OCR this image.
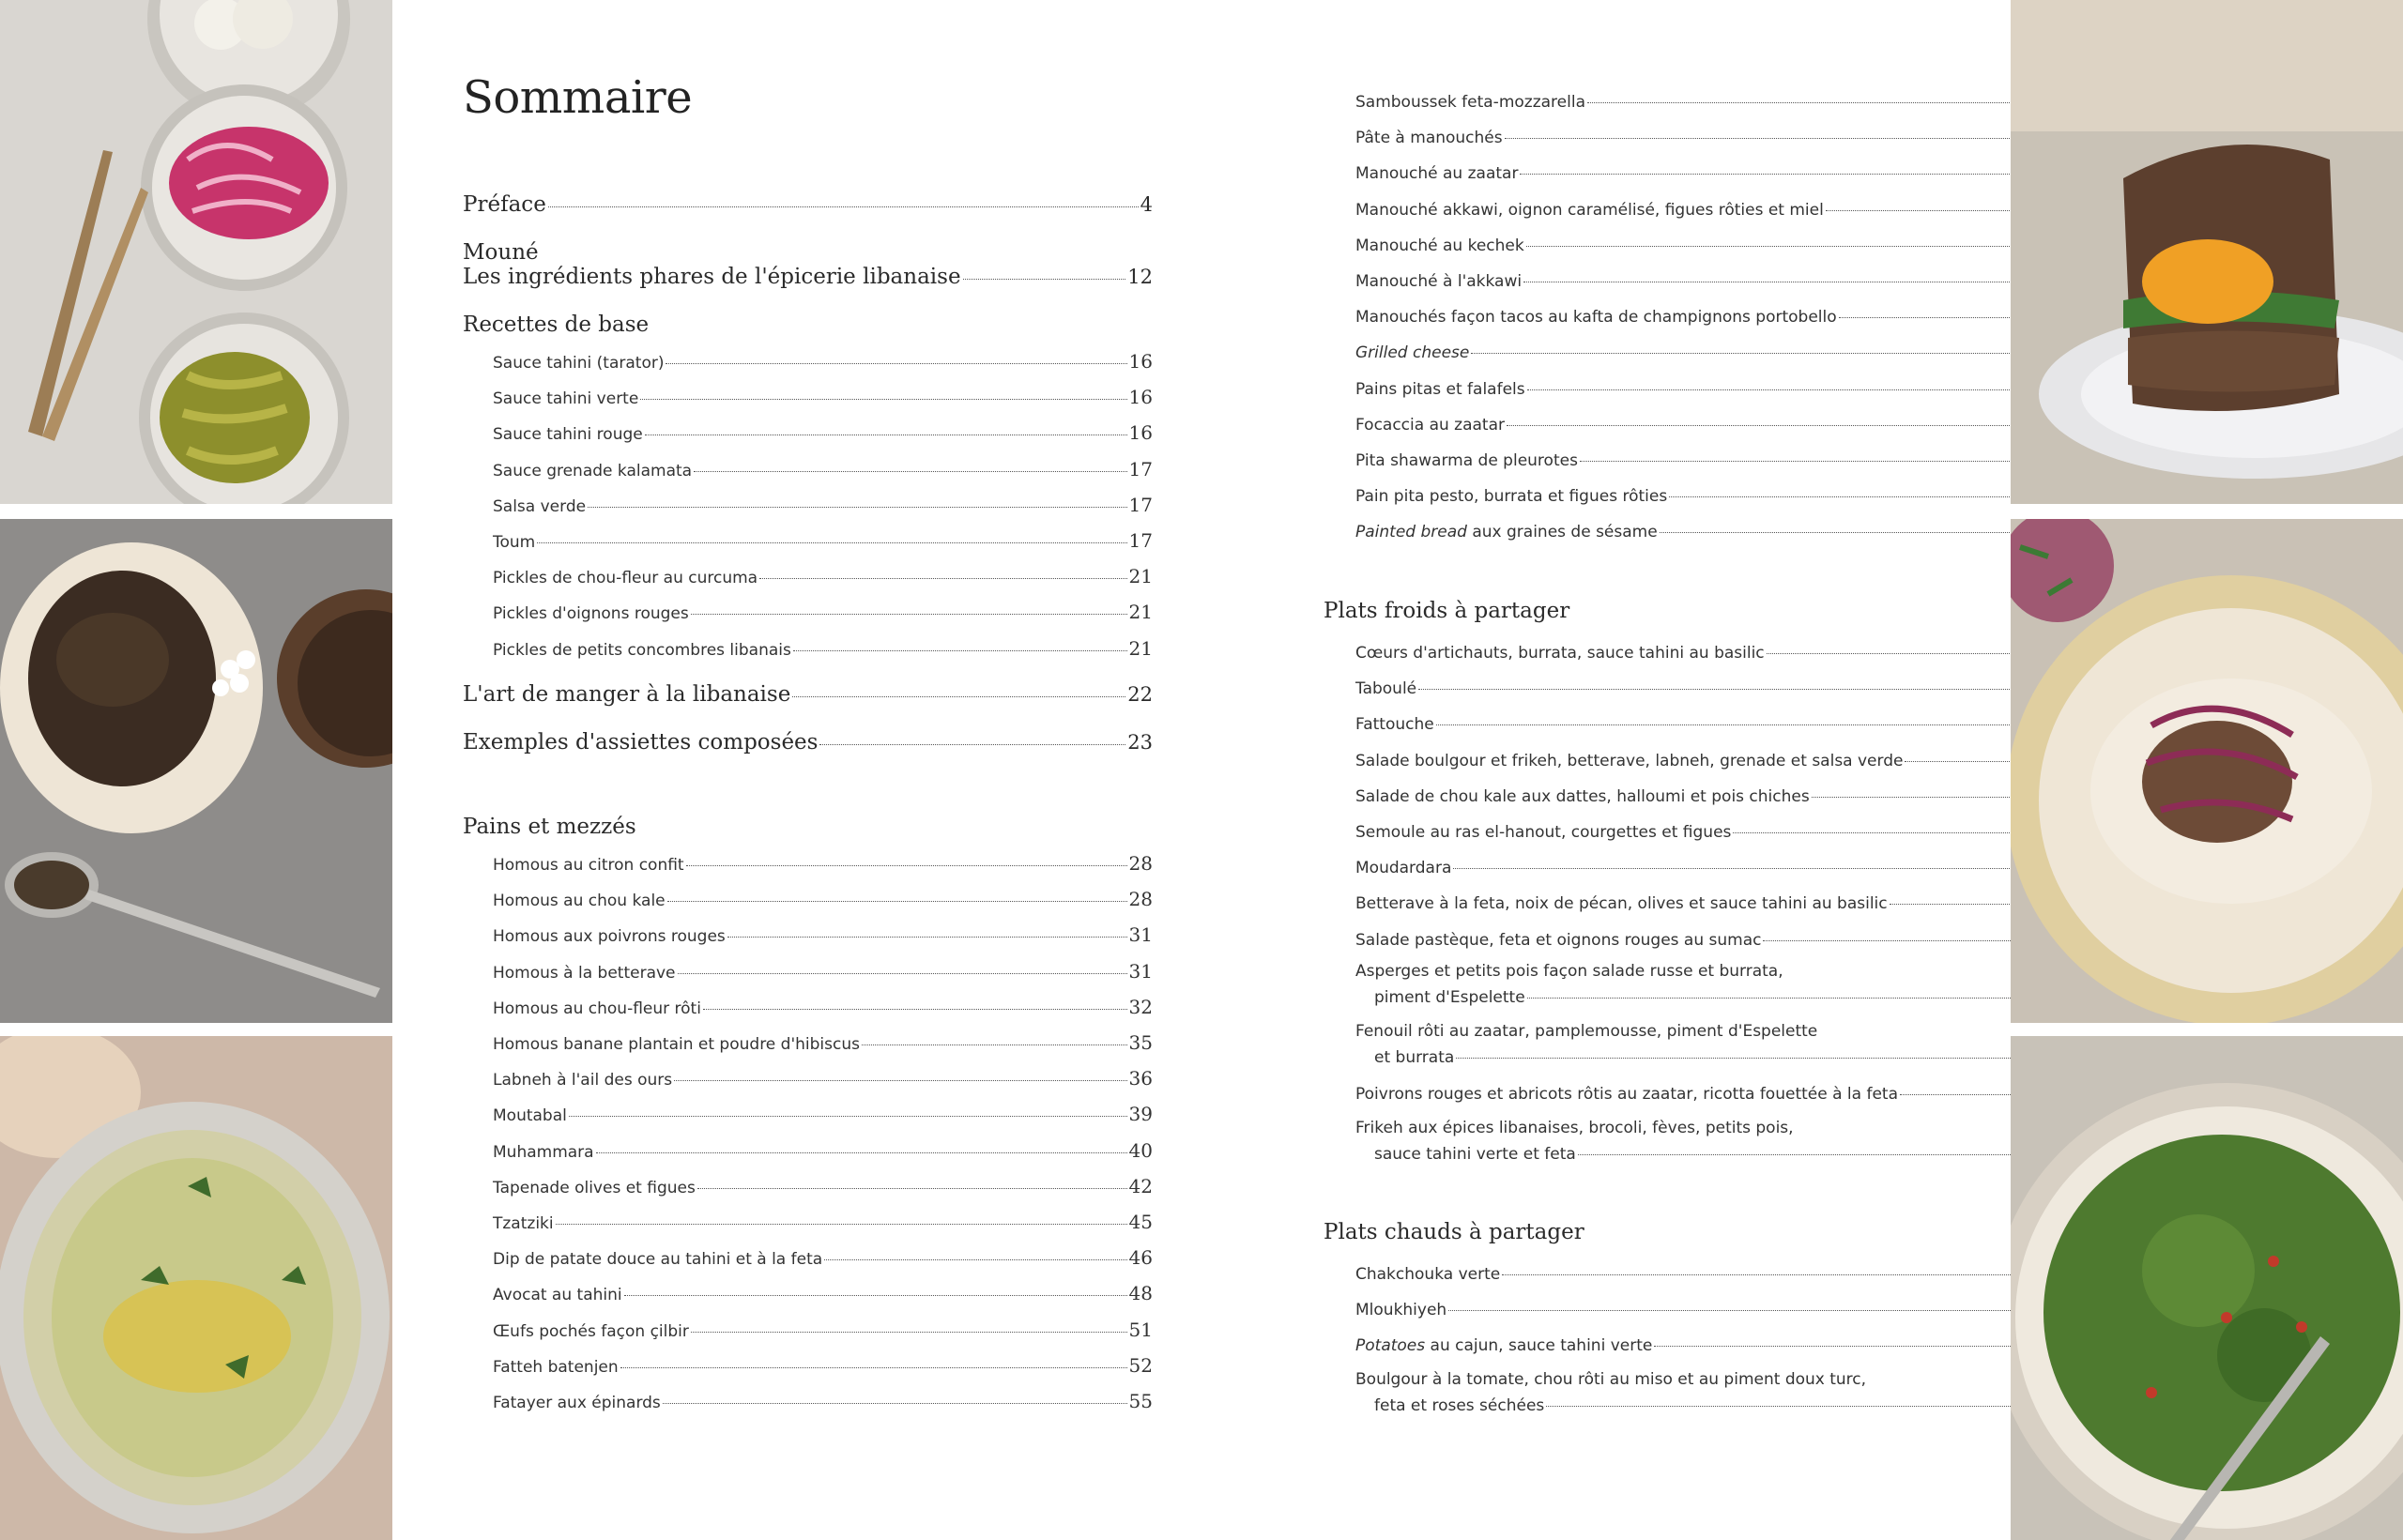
Sommaire
Préface	4
Mouné
Les ingrédients phares de l'épicerie libanaise	12
Recettes de base
Sauce tahini (tarator)	16
Sauce tahini verte	16
Sauce tahini rouge	16
Sauce grenade kalamata	17
Salsa verde	17
Toum	17
Pickles de chou-fleur au curcuma	21
Pickles d'oignons rouges	21
Pickles de petits concombres libanais	21
L'art de manger à la libanaise	22
Exemples d'assiettes composées	23
Pains et mezzés
Homous au citron confit	28
Homous au chou kale	28
Homous aux poivrons rouges	31
Homous à la betterave	31
Homous au chou-fleur rôti	32
Homous banane plantain et poudre d'hibiscus	35
Labneh à l'ail des ours	36
Moutabal	39
Muhammara	40
Tapenade olives et figues	42
Tzatziki	45
Dip de patate douce au tahini et à la feta	46
Avocat au tahini	48
Œufs pochés façon çilbir	51
Fatteh batenjen	52
Fatayer aux épinards	55
Samboussek feta-mozzarella
Pâte à manouchés
Manouché au zaatar
Manouché akkawi, oignon caramélisé, figues rôties et miel
Manouché au kechek
Manouché à l'akkawi
Manouchés façon tacos au kafta de champignons portobello
Grilled cheese
Pains pitas et falafels
Focaccia au zaatar
Pita shawarma de pleurotes
Pain pita pesto, burrata et figues rôties
Painted bread aux graines de sésame
Plats froids à partager
Cœurs d'artichauts, burrata, sauce tahini au basilic
Taboulé
Fattouche
Salade boulgour et frikeh, betterave, labneh, grenade et salsa verde
Salade de chou kale aux dattes, halloumi et pois chiches
Semoule au ras el-hanout, courgettes et figues
Moudardara
Betterave à la feta, noix de pécan, olives et sauce tahini au basilic
Salade pastèque, feta et oignons rouges au sumac
Asperges et petits pois façon salade russe et burrata,
piment d'Espelette
Fenouil rôti au zaatar, pamplemousse, piment d'Espelette
et burrata
Poivrons rouges et abricots rôtis au zaatar, ricotta fouettée à la feta
Frikeh aux épices libanaises, brocoli, fèves, petits pois,
sauce tahini verte et feta
Plats chauds à partager
Chakchouka verte
Mloukhiyeh
Potatoes au cajun, sauce tahini verte
Boulgour à la tomate, chou rôti au miso et au piment doux turc,
feta et roses séchées
